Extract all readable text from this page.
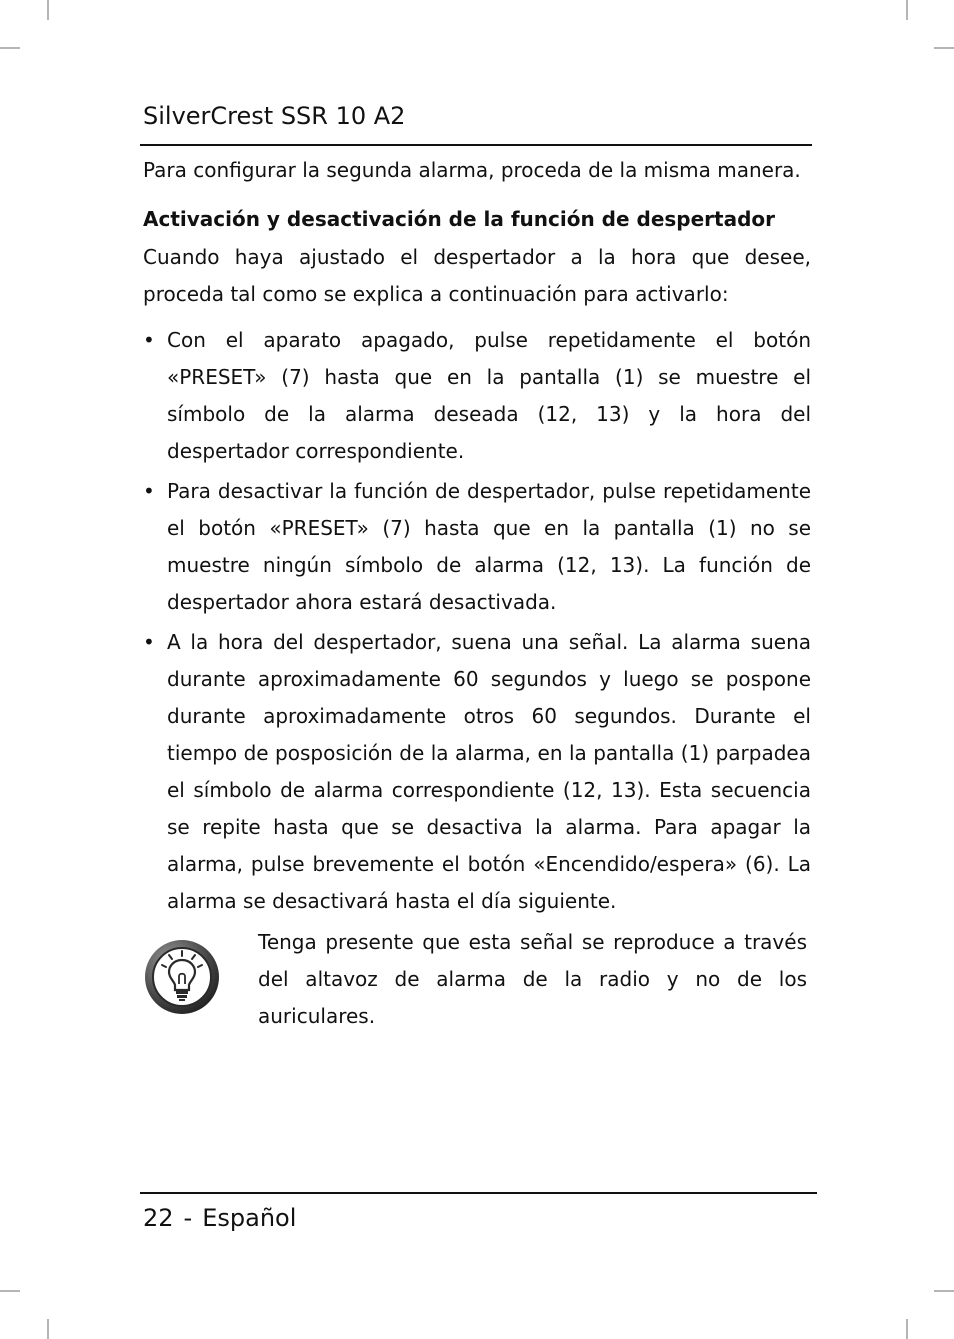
SilverCrest SSR 10 A2

Para configurar la segunda alarma, proceda de la misma manera.

Activación y desactivación de la función de despertador

Cuando haya ajustado el despertador a la hora que desee, proceda tal como se explica a continuación para activarlo:

• Con el aparato apagado, pulse repetidamente el botón «PRESET» (7) hasta que en la pantalla (1) se muestre el símbolo de la alarma deseada (12, 13) y la hora del despertador correspondiente.
• Para desactivar la función de despertador, pulse repetidamente el botón «PRESET» (7) hasta que en la pantalla (1) no se muestre ningún símbolo de alarma (12, 13). La función de despertador ahora estará desactivada.
• A la hora del despertador, suena una señal. La alarma suena durante aproximadamente 60 segundos y luego se pospone durante aproximadamente otros 60 segundos. Durante el tiempo de posposición de la alarma, en la pantalla (1) parpadea el símbolo de alarma correspondiente (12, 13). Esta secuencia se repite hasta que se desactiva la alarma. Para apagar la alarma, pulse brevemente el botón «Encendido/espera» (6). La alarma se desactivará hasta el día siguiente.

Tenga presente que esta señal se reproduce a través del altavoz de alarma de la radio y no de los auriculares.

22 - Español
